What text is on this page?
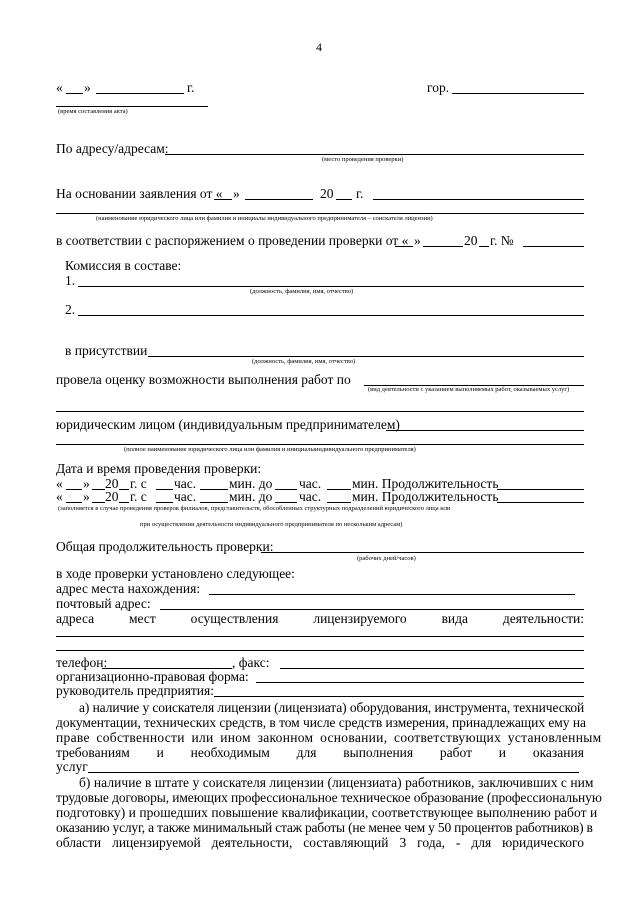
4
« »	г.	гор.
(время составления акта)
По адресу/адресам:
(место проведения проверки)
На основании заявления от « »	20 г.
(наименование юридического лица или фамилия и инициалы индивидуального предпринимателя – соискателя лицензии)
в соответствии с распоряжением о проведении проверки от « »	20 г. №
Комиссия в составе:
1.
(должность, фамилия, имя, отчество)
2.
в присутствии
(должность, фамилия, имя, отчество)
провела оценку возможности выполнения работ по
(вид деятельности с указанием выполняемых работ, оказываемых услуг)
юридическим лицом (индивидуальным предпринимателем)
(полное наименование юридического лица или фамилия и инициалыиндивидуального предпринимателя)
Дата и время проведения проверки:
« » 20 г. с час. мин. до час. мин. Продолжительность
« » 20 г. с час. мин. до час. мин. Продолжительность
(заполняется в случае проведения проверок филиалов, представительств, обособленных структурных подразделений юридического лица или
при осуществлении деятельности индивидуального предпринимателя по нескольким адресам)
Общая продолжительность проверки:
(рабочих дней/часов)
в ходе проверки установлено следующее:
адрес места нахождения:
почтовый адрес:
адреса	мест	осуществления	лицензируемого	вида	деятельности:
телефон:	, факс:
организационно-правовая форма:
руководитель предприятия:
а) наличие у соискателя лицензии (лицензиата) оборудования, инструмента, технической
документации, технических средств, в том числе средств измерения, принадлежащих ему на
праве собственности или ином законном основании, соответствующих установленным
требованиям и необходимым для выполнения работ и оказания
услуг
б) наличие в штате у соискателя лицензии (лицензиата) работников, заключивших с ним
трудовые договоры, имеющих профессиональное техническое образование (профессиональную
подготовку) и прошедших повышение квалификации, соответствующее выполнению работ и
оказанию услуг, а также минимальный стаж работы (не менее чем у 50 процентов работников) в
области лицензируемой деятельности, составляющий 3 года, - для юридического
